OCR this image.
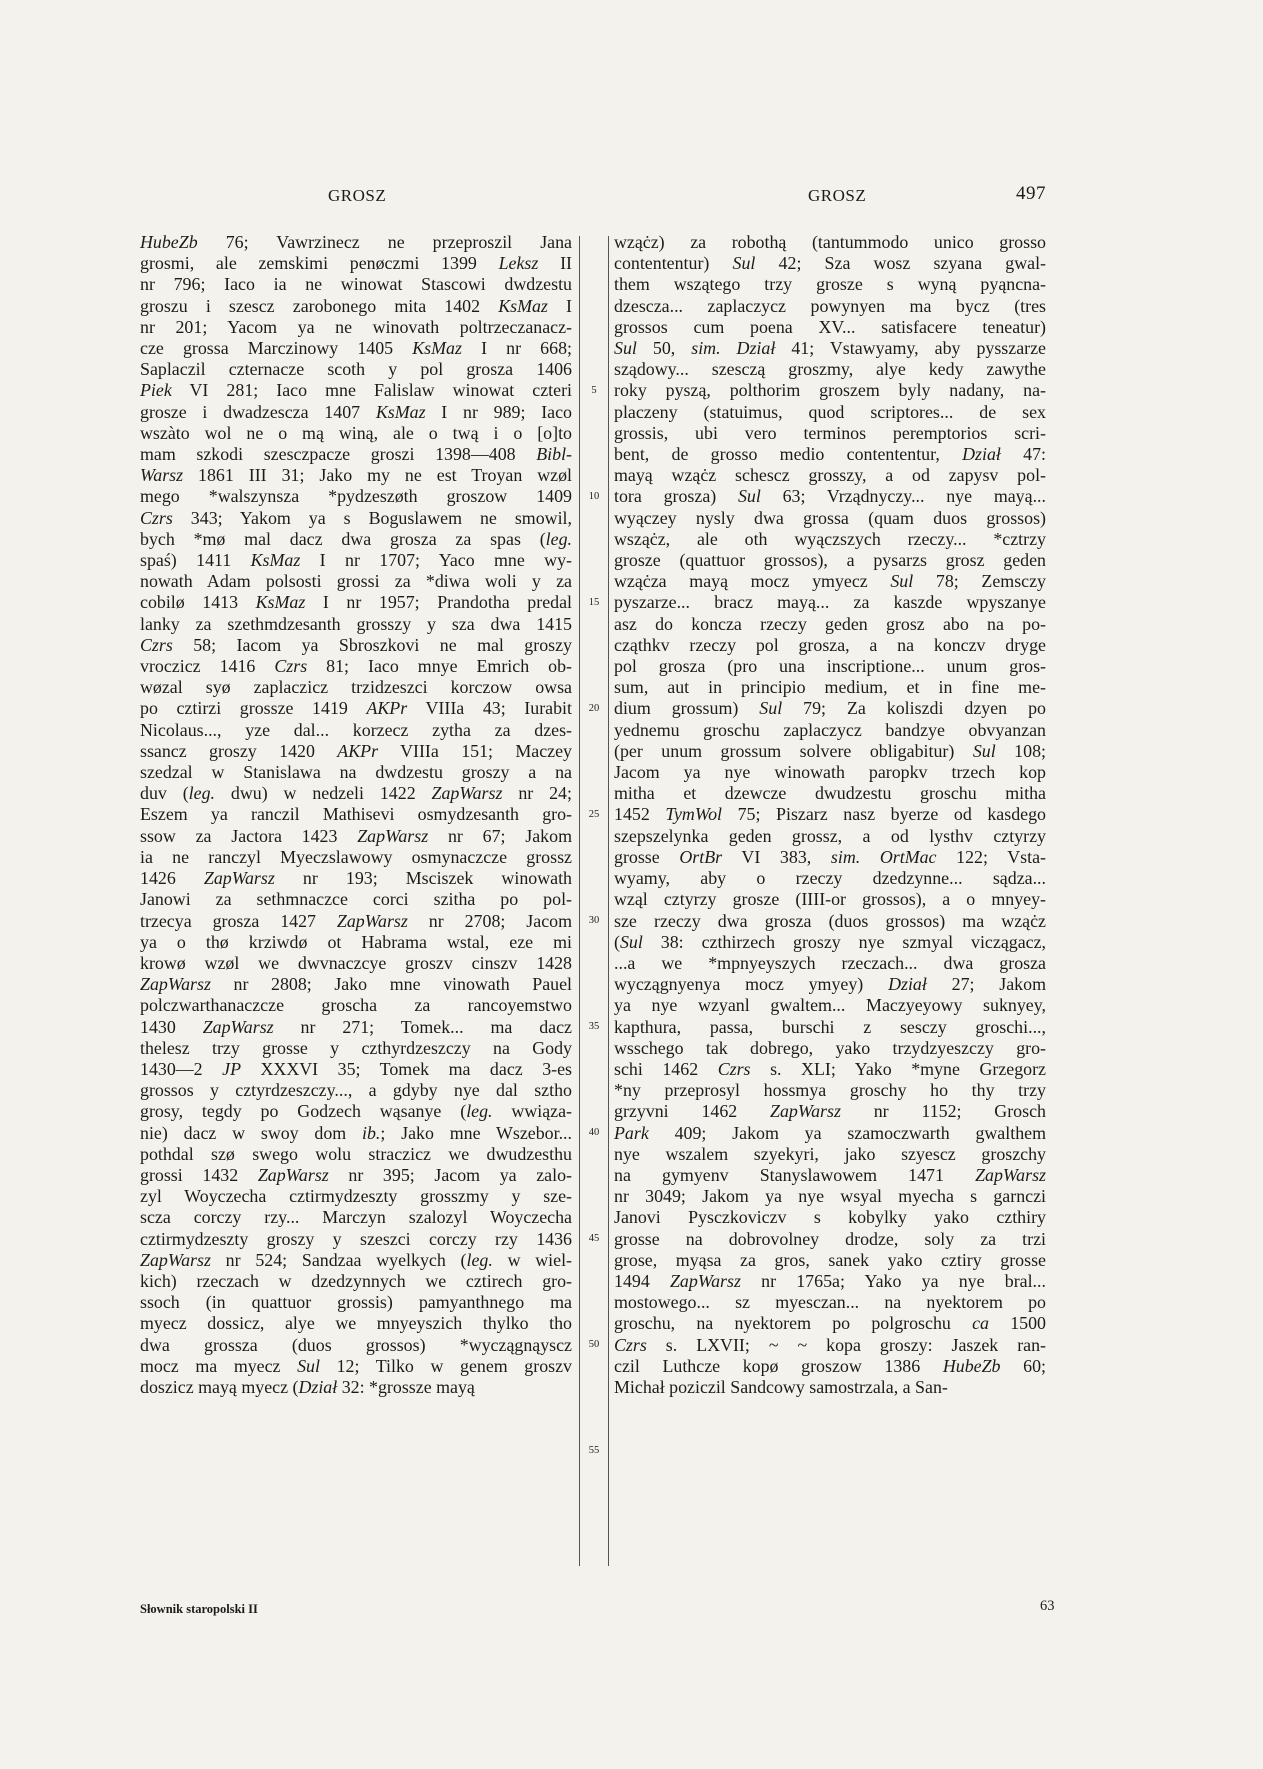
GROSZ	GROSZ	497
HubeZb 76; Vawrzinecz ne przeproszil Jana
grosmi, ale zemskimi penøczmi 1399 Leksz II
nr 796; Iaco ia ne winowat Stascowi dwdzestu
groszu i szescz zarobonego mita 1402 KsMaz I
nr 201; Yacom ya ne winovath poltrzeczanacz-
cze grossa Marczinowy 1405 KsMaz I nr 668;
Saplaczil czternacze scoth y pol grosza 1406
Piek VI 281; Iaco mne Falislaw winowat czteri
grosze i dwadzescza 1407 KsMaz I nr 989; Iaco
wszàto wol ne o mą winą, ale o twą i o [o]to
mam szkodi szesczpacze groszi 1398—408 Bibl-
Warsz 1861 III 31; Jako my ne est Troyan wzøl
mego *walszynsza *pydzeszøth groszow 1409
Czrs 343; Yakom ya s Boguslawem ne smowil,
bych *mø mal dacz dwa grosza za spas (leg.
spaś) 1411 KsMaz I nr 1707; Yaco mne wy-
nowath Adam polsosti grossi za *diwa woli y za
cobilø 1413 KsMaz I nr 1957; Prandotha predal
lanky za szethmdzesanth grosszy y sza dwa 1415
Czrs 58; Iacom ya Sbroszkovi ne mal groszy
vroczicz 1416 Czrs 81; Iaco mnye Emrich ob-
wøzal syø zaplaczicz trzidzeszci korczow owsa
po cztirzi grossze 1419 AKPr VIIIa 43; Iurabit
Nicolaus..., yze dal... korzecz zytha za dzes-
ssancz groszy 1420 AKPr VIIIa 151; Maczey
szedzal w Stanislawa na dwdzestu groszy a na
duv (leg. dwu) w nedzeli 1422 ZapWarsz nr 24;
Eszem ya ranczil Mathisevi osmydzesanth gro-
ssow za Jactora 1423 ZapWarsz nr 67; Jakom
ia ne ranczyl Myeczslawowy osmynaczcze grossz
1426 ZapWarsz nr 193; Msciszek winowath
Janowi za sethmnaczce corci szitha po pol-
trzecya grosza 1427 ZapWarsz nr 2708; Jacom
ya o thø krziwdø ot Habrama wstal, eze mi
krowø wzøl we dwvnaczcye groszv cinszv 1428
ZapWarsz nr 2808; Jako mne vinowath Pauel
polczwarthanaczcze groscha za rancoyemstwo
1430 ZapWarsz nr 271; Tomek... ma dacz
thelesz trzy grosse y czthyrdzeszczy na Gody
1430—2 JP XXXVI 35; Tomek ma dacz 3-es
grossos y cztyrdzeszczy..., a gdyby nye dal sztho
grosy, tegdy po Godzech wąsanye (leg. wwiąza-
nie) dacz w swoy dom ib.; Jako mne Wszebor...
pothdal szø swego wolu straczicz we dwudzesthu
grossi 1432 ZapWarsz nr 395; Jacom ya zalo-
zyl Woyczecha cztirmydzeszty grosszmy y sze-
scza corczy rzy... Marczyn szalozyl Woyczecha
cztirmydzeszty groszy y szeszci corczy rzy 1436
ZapWarsz nr 524; Sandzaa wyelkych (leg. w wiel-
kich) rzeczach w dzedzynnych we cztirech gro-
ssoch (in quattuor grossis) pamyanthnego ma
myecz dossicz, alye we mnyeyszich thylko tho
dwa grossza (duos grossos) *wyczągnąyscz
mocz ma myecz Sul 12; Tilko w genem groszv
doszicz mayą myecz (Dział 32: *grossze mayą
5
10
15
20
25
30
35
40
45
50
55
wząċz) za robothą (tantummodo unico grosso
contententur) Sul 42; Sza wosz szyana gwal-
them wszątego trzy grosze s wyną pyąncna-
dzescza... zaplaczycz powynyen ma bycz (tres
grossos cum poena XV... satisfacere teneatur)
Sul 50, sim. Dział 41; Vstawyamy, aby pysszarze
sządowy... szesczą groszmy, alye kedy zawythe
roky pyszą, polthorim groszem byly nadany, na-
placzeny (statuimus, quod scriptores... de sex
grossis, ubi vero terminos peremptorios scri-
bent, de grosso medio contententur, Dział 47:
mayą wząċz schescz grosszy, a od zapysv pol-
tora grosza) Sul 63; Vrządnyczy... nye mayą...
wyączey nysly dwa grossa (quam duos grossos)
wsząċz, ale oth wyączszych rzeczy... *cztrzy
grosze (quattuor grossos), a pysarzs grosz geden
wząċza mayą mocz ymyecz Sul 78; Zemsczy
pyszarze... bracz mayą... za kaszde wpyszanye
asz do koncza rzeczy geden grosz abo na po-
cząthkv rzeczy pol grosza, a na konczv dryge
pol grosza (pro una inscriptione... unum gros-
sum, aut in principio medium, et in fine me-
dium grossum) Sul 79; Za koliszdi dzyen po
yednemu groschu zaplaczycz bandzye obvyanzan
(per unum grossum solvere obligabitur) Sul 108;
Jacom ya nye winowath paropkv trzech kop
mitha et dzewcze dwudzestu groschu mitha
1452 TymWol 75; Piszarz nasz byerze od kasdego
szepszelynka geden grossz, a od lysthv cztyrzy
grosse OrtBr VI 383, sim. OrtMac 122; Vsta-
wyamy, aby o rzeczy dzedzynne... sądza...
wząl cztyrzy grosze (IIII-or grossos), a o mnyey-
sze rzeczy dwa grosza (duos grossos) ma wząċz
(Sul 38: czthirzech groszy nye szmyal viczągacz,
...a we *mpnyeyszych rzeczach... dwa grosza
wyczągnyenya mocz ymyey) Dział 27; Jakom
ya nye wzyanl gwaltem... Maczyeyowy suknyey,
kapthura, passa, burschi z sesczy groschi...,
wsschego tak dobrego, yako trzydzyeszczy gro-
schi 1462 Czrs s. XLI; Yako *myne Grzegorz
*ny przeprosyl hossmya groschy ho thy trzy
grzyvni 1462 ZapWarsz nr 1152; Grosch
Park 409; Jakom ya szamoczwarth gwalthem
nye wszalem szyekyri, jako szyescz groszchy
na gymyenv Stanyslawowem 1471 ZapWarsz
nr 3049; Jakom ya nye wsyal myecha s garnczi
Janovi Pysczkoviczv s kobylky yako czthiry
grosse na dobrovolney drodze, soly za trzi
grose, myąsa za gros, sanek yako cztiry grosse
1494 ZapWarsz nr 1765a; Yako ya nye bral...
mostowego... sz myesczan... na nyektorem po
groschu, na nyektorem po polgroschu ca 1500
Czrs s. LXVII; ~ ~ kopa groszy: Jaszek ran-
czil Luthcze kopø groszow 1386 HubeZb 60;
Michał poziczil Sandcowy samostrzala, a San-
Słownik staropolski II	63
